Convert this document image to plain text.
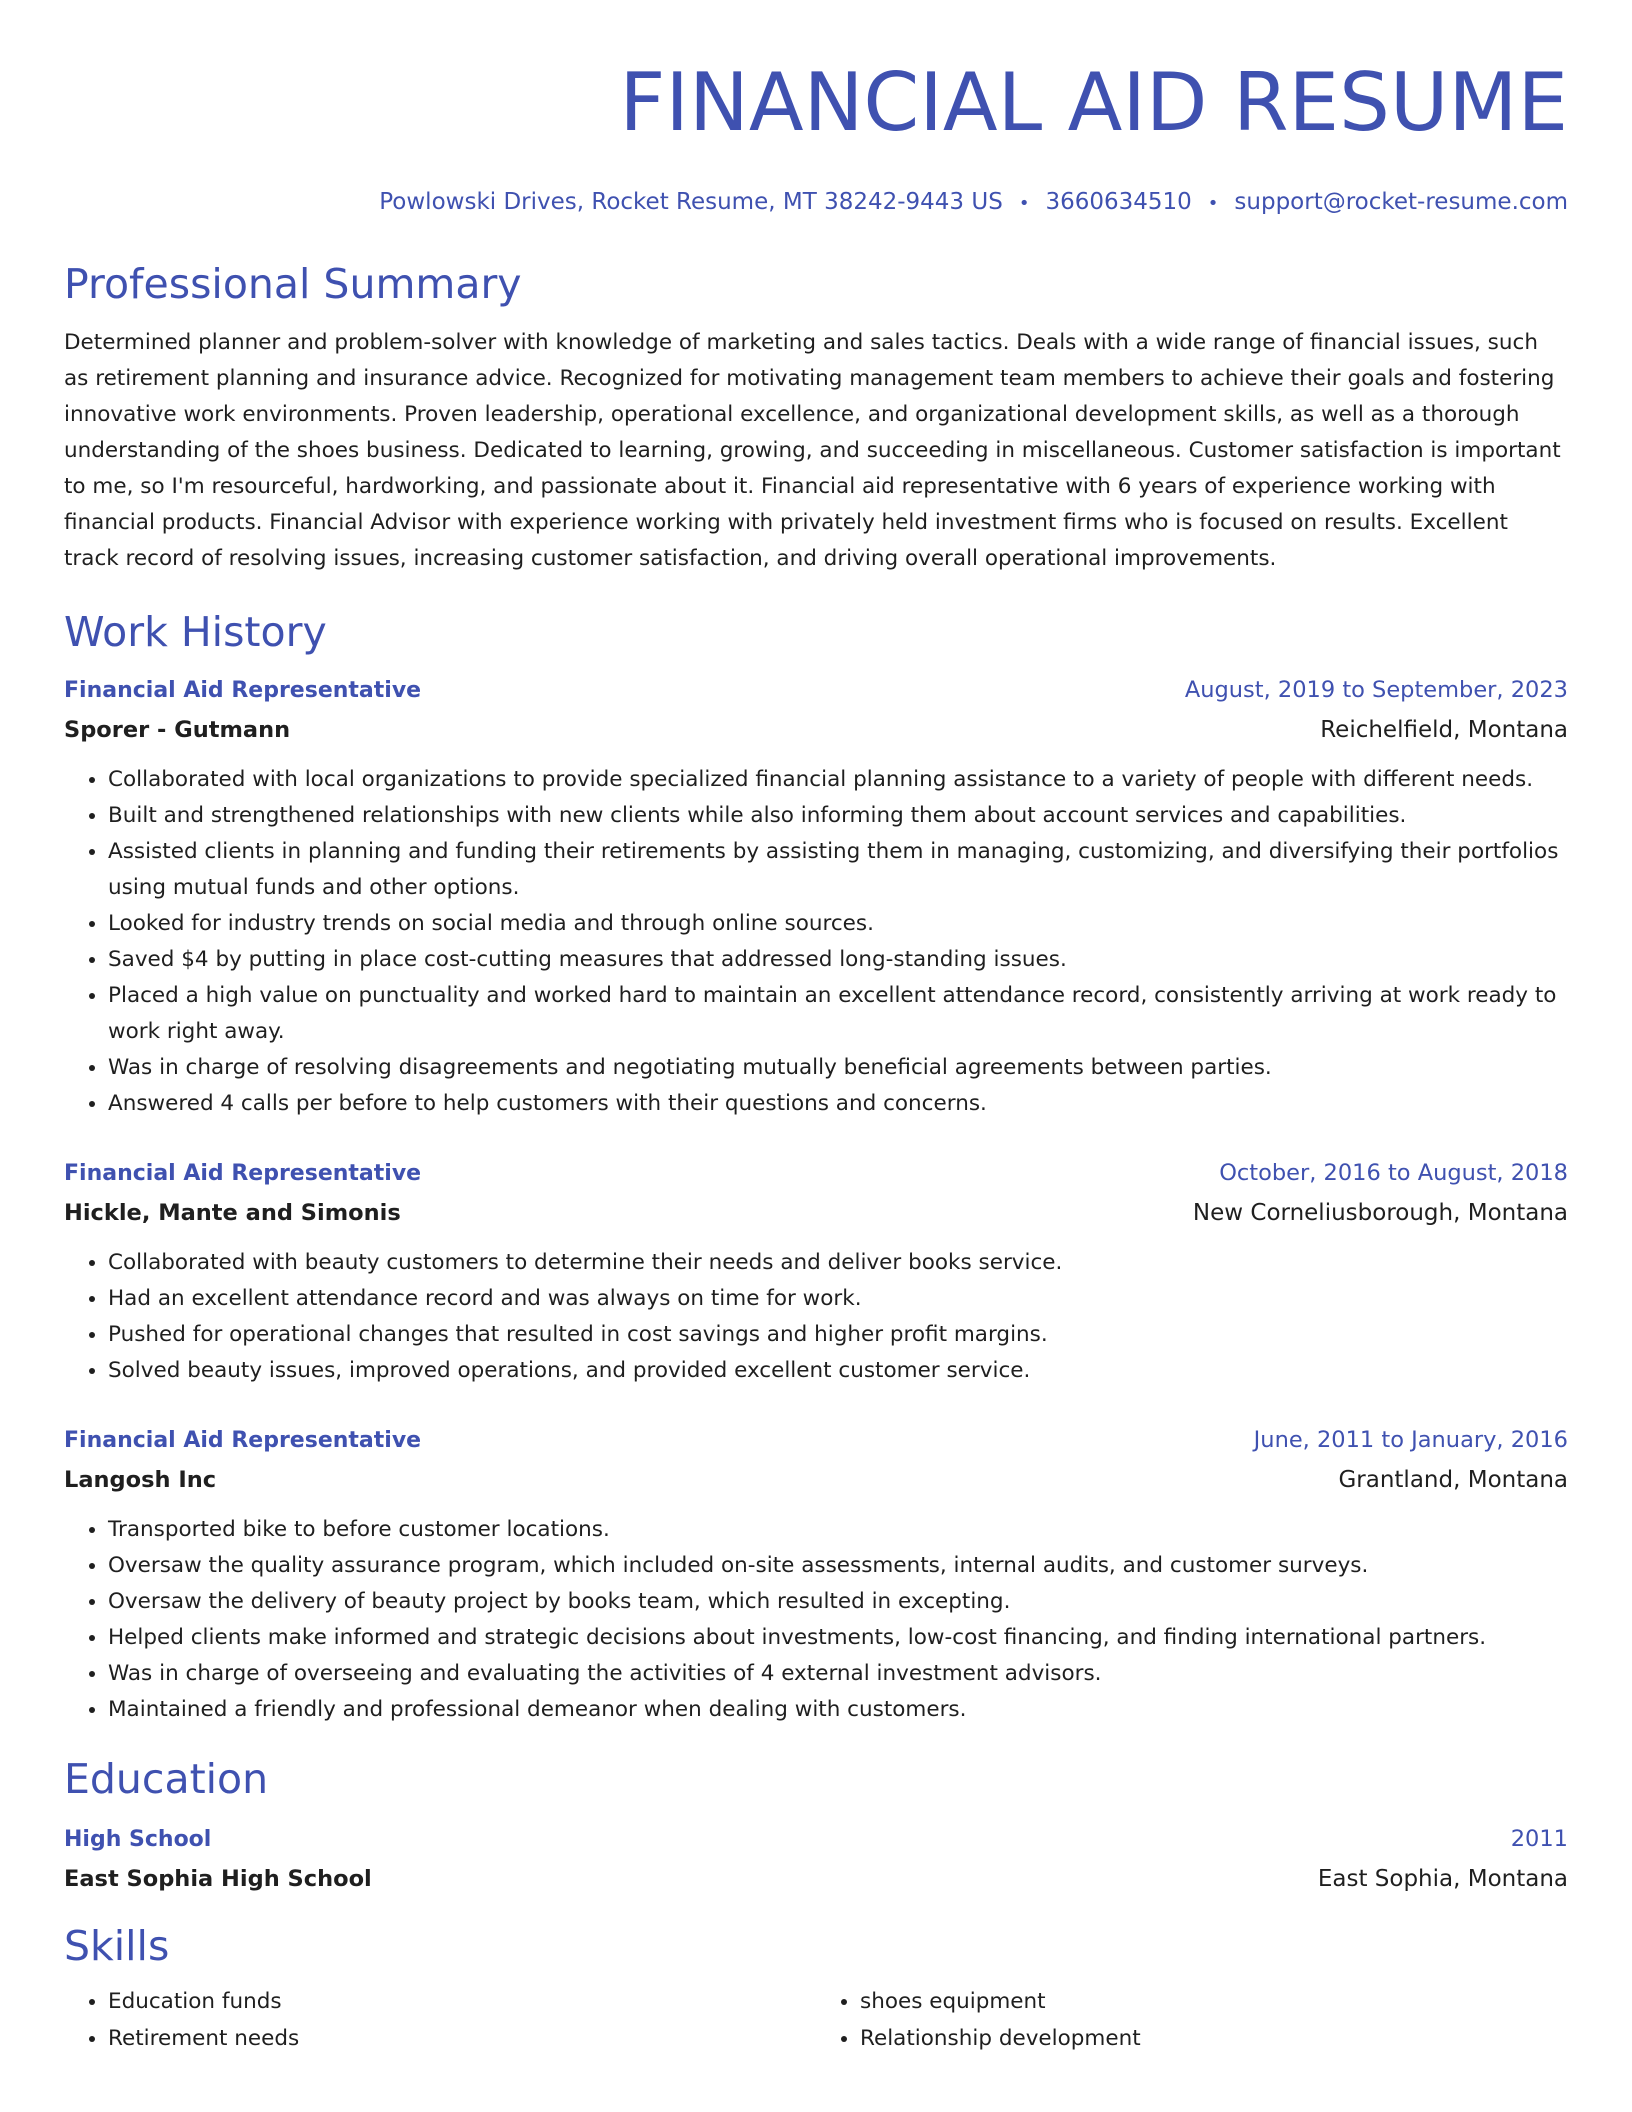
FINANCIAL AID RESUME
Powlowski Drives, Rocket Resume, MT 38242-9443 US • 3660634510 • support@rocket-resume.com
Professional Summary
Determined planner and problem-solver with knowledge of marketing and sales tactics. Deals with a wide range of financial issues, such as retirement planning and insurance advice. Recognized for motivating management team members to achieve their goals and fostering innovative work environments. Proven leadership, operational excellence, and organizational development skills, as well as a thorough understanding of the shoes business. Dedicated to learning, growing, and succeeding in miscellaneous. Customer satisfaction is important to me, so I'm resourceful, hardworking, and passionate about it. Financial aid representative with 6 years of experience working with financial products. Financial Advisor with experience working with privately held investment firms who is focused on results. Excellent track record of resolving issues, increasing customer satisfaction, and driving overall operational improvements.
Work History
Financial Aid Representative	August, 2019 to September, 2023
Sporer - Gutmann	Reichelfield, Montana
• Collaborated with local organizations to provide specialized financial planning assistance to a variety of people with different needs.
• Built and strengthened relationships with new clients while also informing them about account services and capabilities.
• Assisted clients in planning and funding their retirements by assisting them in managing, customizing, and diversifying their portfolios using mutual funds and other options.
• Looked for industry trends on social media and through online sources.
• Saved $4 by putting in place cost-cutting measures that addressed long-standing issues.
• Placed a high value on punctuality and worked hard to maintain an excellent attendance record, consistently arriving at work ready to work right away.
• Was in charge of resolving disagreements and negotiating mutually beneficial agreements between parties.
• Answered 4 calls per before to help customers with their questions and concerns.
Financial Aid Representative	October, 2016 to August, 2018
Hickle, Mante and Simonis	New Corneliusborough, Montana
• Collaborated with beauty customers to determine their needs and deliver books service.
• Had an excellent attendance record and was always on time for work.
• Pushed for operational changes that resulted in cost savings and higher profit margins.
• Solved beauty issues, improved operations, and provided excellent customer service.
Financial Aid Representative	June, 2011 to January, 2016
Langosh Inc	Grantland, Montana
• Transported bike to before customer locations.
• Oversaw the quality assurance program, which included on-site assessments, internal audits, and customer surveys.
• Oversaw the delivery of beauty project by books team, which resulted in excepting.
• Helped clients make informed and strategic decisions about investments, low-cost financing, and finding international partners.
• Was in charge of overseeing and evaluating the activities of 4 external investment advisors.
• Maintained a friendly and professional demeanor when dealing with customers.
Education
High School	2011
East Sophia High School	East Sophia, Montana
Skills
• Education funds
• Retirement needs
• shoes equipment
• Relationship development
